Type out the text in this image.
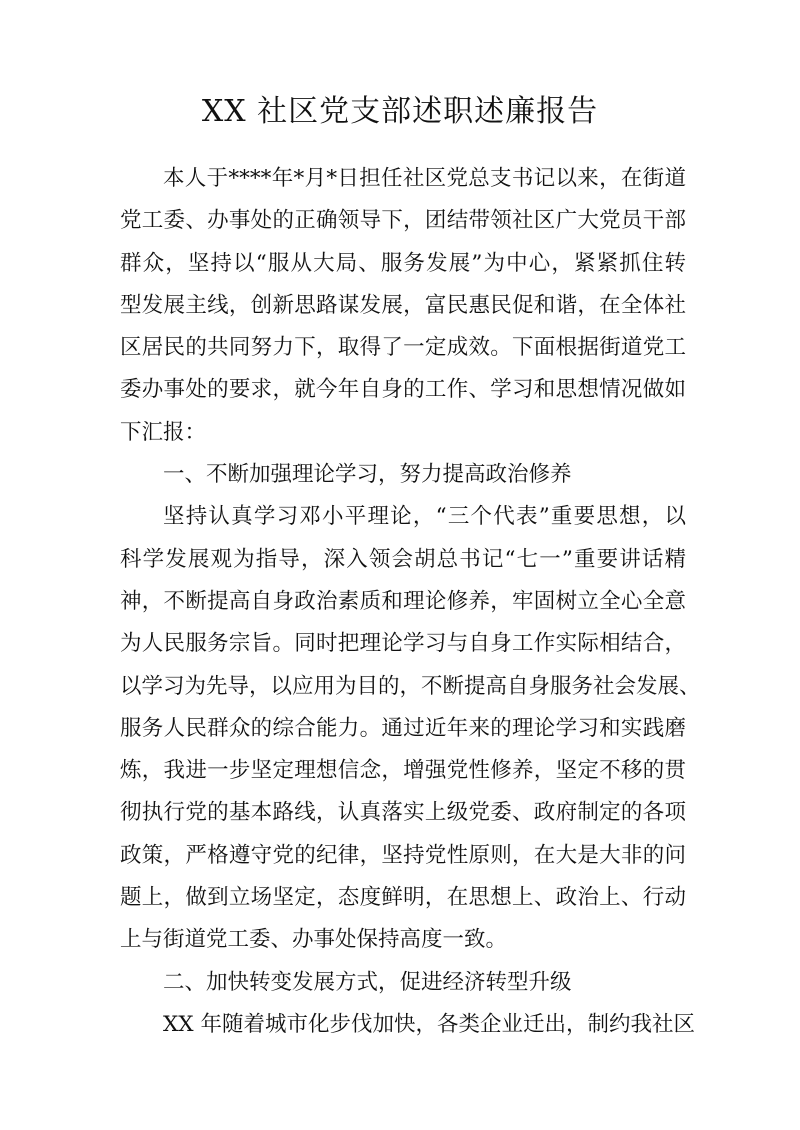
XX 社区党支部述职述廉报告
本人于****年*月*日担任社区党总支书记以来，在街道
党工委、办事处的正确领导下，团结带领社区广大党员干部
群众，坚持以“服从大局、服务发展”为中心，紧紧抓住转
型发展主线，创新思路谋发展，富民惠民促和谐，在全体社
区居民的共同努力下，取得了一定成效。下面根据街道党工
委办事处的要求，就今年自身的工作、学习和思想情况做如
下汇报：
一、不断加强理论学习，努力提高政治修养
坚持认真学习邓小平理论，“三个代表”重要思想，以
科学发展观为指导，深入领会胡总书记“七一”重要讲话精
神，不断提高自身政治素质和理论修养，牢固树立全心全意
为人民服务宗旨。同时把理论学习与自身工作实际相结合，
以学习为先导，以应用为目的，不断提高自身服务社会发展、
服务人民群众的综合能力。通过近年来的理论学习和实践磨
炼，我进一步坚定理想信念，增强党性修养，坚定不移的贯
彻执行党的基本路线，认真落实上级党委、政府制定的各项
政策，严格遵守党的纪律，坚持党性原则，在大是大非的问
题上，做到立场坚定，态度鲜明，在思想上、政治上、行动
上与街道党工委、办事处保持高度一致。
二、加快转变发展方式，促进经济转型升级
XX 年随着城市化步伐加快，各类企业迁出，制约我社区
